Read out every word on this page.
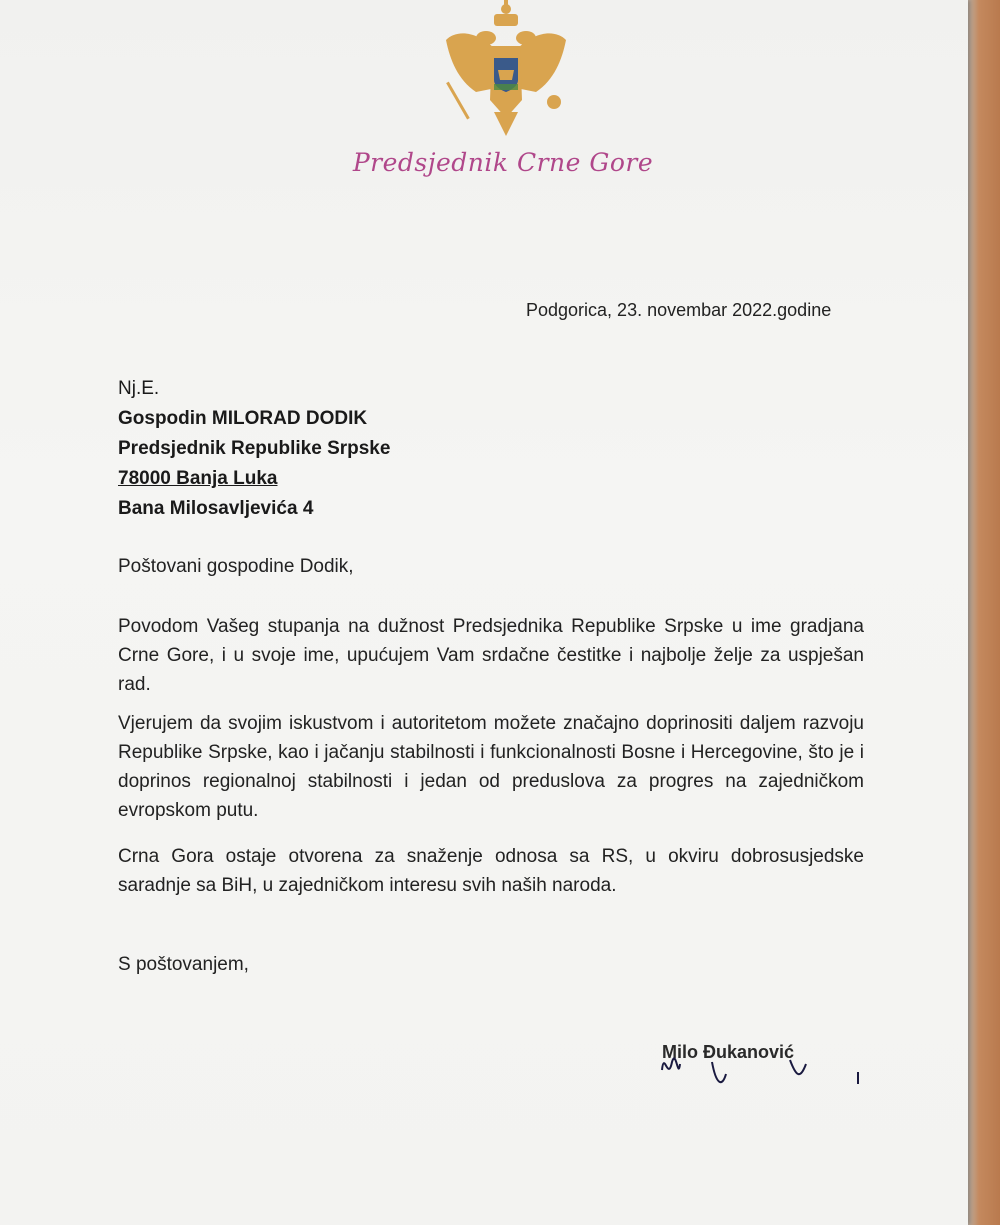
Predsjednik Crne Gore
Podgorica, 23. novembar 2022.godine
Nj.E.
Gospodin MILORAD DODIK
Predsjednik Republike Srpske
78000 Banja Luka
Bana Milosavljevića 4
Poštovani gospodine Dodik,
Povodom Vašeg stupanja na dužnost Predsjednika Republike Srpske u ime gradjana Crne Gore, i u svoje ime, upućujem Vam srdačne čestitke i najbolje želje za uspješan rad.
Vjerujem da svojim iskustvom i autoritetom možete značajno doprinositi daljem razvoju Republike Srpske, kao i jačanju stabilnosti i funkcionalnosti Bosne i Hercegovine, što je i doprinos regionalnoj stabilnosti i jedan od preduslova za progres na zajedničkom evropskom putu.
Crna Gora ostaje otvorena za snaženje odnosa sa RS, u okviru dobrosusjedske saradnje sa BiH, u zajedničkom interesu svih naših naroda.
S poštovanjem,
Milo Đukanović
